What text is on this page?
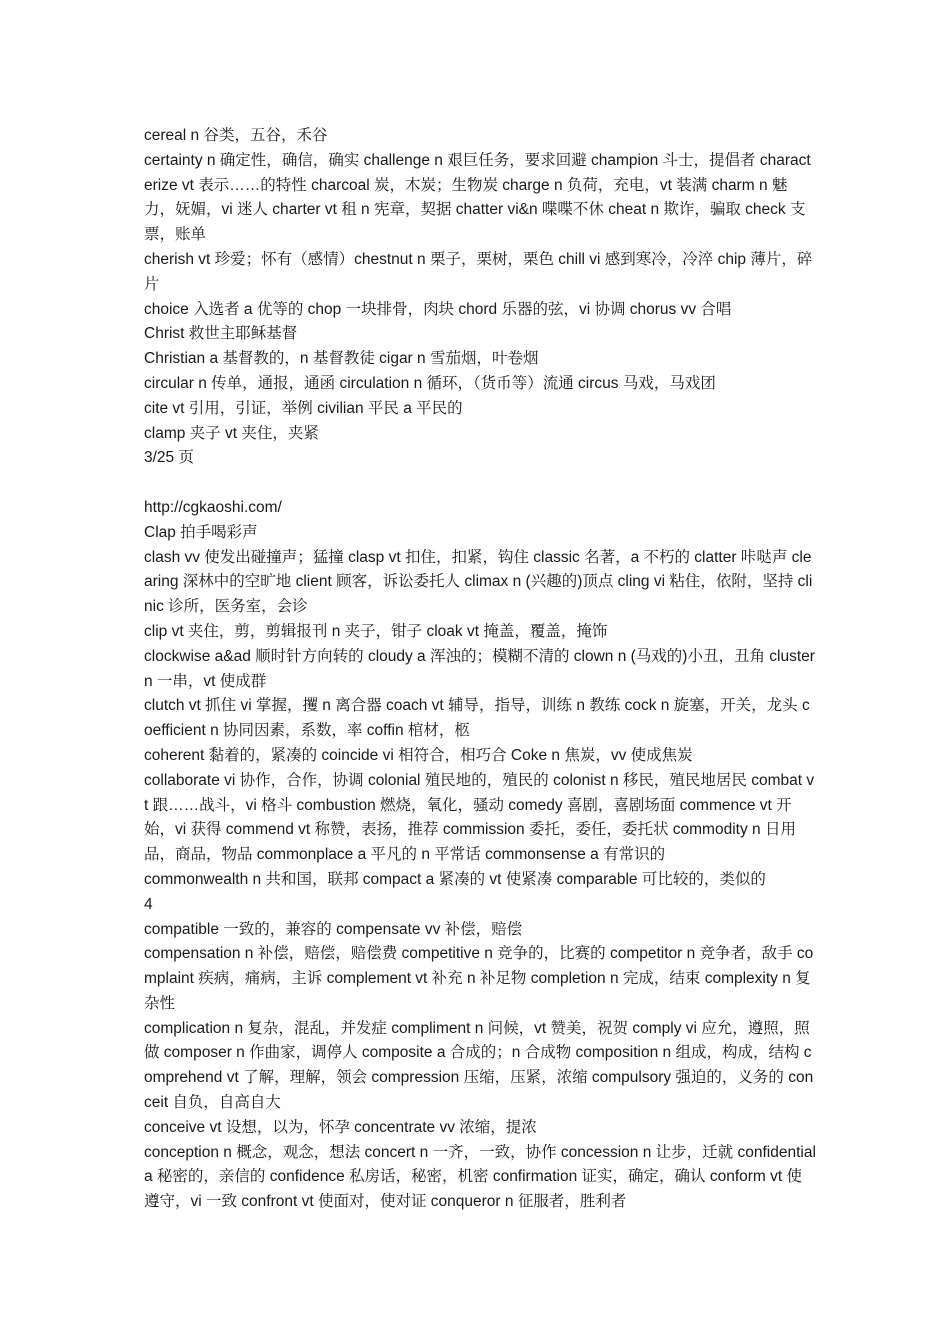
cereal n 谷类，五谷，禾谷
certainty n 确定性，确信，确实 challenge n 艰巨任务，要求回避 champion 斗士，提倡者 characterize vt 表示……的特性 charcoal 炭，木炭；生物炭 charge n 负荷，充电，vt 装满 charm n 魅力，妩媚，vi 迷人 charter vt 租 n 宪章，契据 chatter vi&n 喋喋不休 cheat n 欺诈，骗取 check 支票，账单
cherish vt 珍爱；怀有（感情）chestnut n 栗子，栗树，栗色 chill vi 感到寒冷，冷淬 chip 薄片，碎片
choice 入选者 a 优等的 chop 一块排骨，肉块 chord 乐器的弦，vi 协调 chorus vv 合唱
Christ 救世主耶稣基督
Christian a 基督教的，n 基督教徒 cigar n 雪茄烟，叶卷烟
circular n 传单，通报，通函 circulation n 循环，（货币等）流通 circus 马戏，马戏团
cite vt 引用，引证，举例 civilian 平民 a 平民的
clamp 夹子 vt 夹住，夹紧
3/25 页
http://cgkaoshi.com/
Clap 拍手喝彩声
clash vv 使发出碰撞声；猛撞 clasp vt 扣住，扣紧，钩住 classic 名著，a 不朽的 clatter 咔哒声 clearing 深林中的空旷地 client 顾客，诉讼委托人 climax n (兴趣的)顶点 cling vi 粘住，依附，坚持 clinic 诊所，医务室，会诊
clip vt 夹住，剪，剪辑报刊 n 夹子，钳子 cloak vt 掩盖，覆盖，掩饰
clockwise a&ad 顺时针方向转的 cloudy a 浑浊的；模糊不清的 clown n (马戏的)小丑，丑角 cluster n 一串，vt 使成群
clutch vt 抓住 vi 掌握，攫 n 离合器 coach vt 辅导，指导，训练 n 教练 cock n 旋塞，开关，龙头 coefficient n 协同因素，系数，率 coffin 棺材，柩
coherent 黏着的，紧凑的 coincide vi 相符合，相巧合 Coke n 焦炭，vv 使成焦炭
collaborate vi 协作，合作，协调 colonial 殖民地的，殖民的 colonist n 移民，殖民地居民 combat vt 跟……战斗，vi 格斗 combustion 燃烧，氧化，骚动 comedy 喜剧，喜剧场面 commence vt 开始，vi 获得 commend vt 称赞，表扬，推荐 commission 委托，委任，委托状 commodity n 日用品，商品，物品 commonplace a 平凡的 n 平常话 commonsense a 有常识的
commonwealth n 共和国，联邦 compact a 紧凑的 vt 使紧凑 comparable 可比较的，类似的
4
compatible 一致的，兼容的 compensate vv 补偿，赔偿
compensation n 补偿，赔偿，赔偿费 competitive n 竞争的，比赛的 competitor n 竞争者，敌手 complaint 疾病，痛病，主诉 complement vt 补充 n 补足物 completion n 完成，结束 complexity n 复杂性
complication n 复杂，混乱，并发症 compliment n 问候，vt 赞美，祝贺 comply vi 应允，遵照，照做 composer n 作曲家，调停人 composite a 合成的；n 合成物 composition n 组成，构成，结构 comprehend vt 了解，理解，领会 compression 压缩，压紧，浓缩 compulsory 强迫的，义务的 conceit 自负，自高自大
conceive vt 设想，以为，怀孕 concentrate vv 浓缩，提浓
conception n 概念，观念，想法 concert n 一齐，一致，协作 concession n 让步，迁就 confidential a 秘密的，亲信的 confidence 私房话，秘密，机密 confirmation 证实，确定，确认 conform vt 使遵守，vi 一致 confront vt 使面对，使对证 conqueror n 征服者，胜利者
